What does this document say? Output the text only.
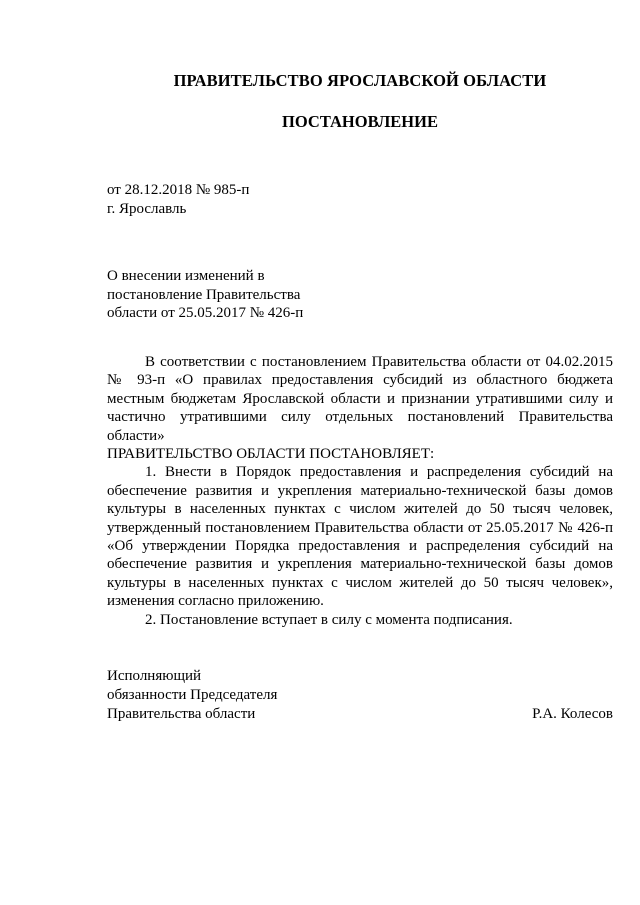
ПРАВИТЕЛЬСТВО ЯРОСЛАВСКОЙ ОБЛАСТИ
ПОСТАНОВЛЕНИЕ
от 28.12.2018 № 985-п
г. Ярославль
О внесении изменений в
постановление Правительства
области от 25.05.2017 № 426-п

В соответствии с постановлением Правительства области от 04.02.2015 № 93-п «О правилах предоставления субсидий из областного бюджета местным бюджетам Ярославской области и признании утратившими силу и частично утратившими силу отдельных постановлений Правительства области»

ПРАВИТЕЛЬСТВО ОБЛАСТИ ПОСТАНОВЛЯЕТ:

1. Внести в Порядок предоставления и распределения субсидий на обеспечение развития и укрепления материально-технической базы домов культуры в населенных пунктах с числом жителей до 50 тысяч человек, утвержденный постановлением Правительства области от 25.05.2017 № 426-п «Об утверждении Порядка предоставления и распределения субсидий на обеспечение развития и укрепления материально-технической базы домов культуры в населенных пунктах с числом жителей до 50 тысяч человек», изменения согласно приложению.

2. Постановление вступает в силу с момента подписания.

Исполняющий
обязанности Председателя
Правительства области	Р.А. Колесов
